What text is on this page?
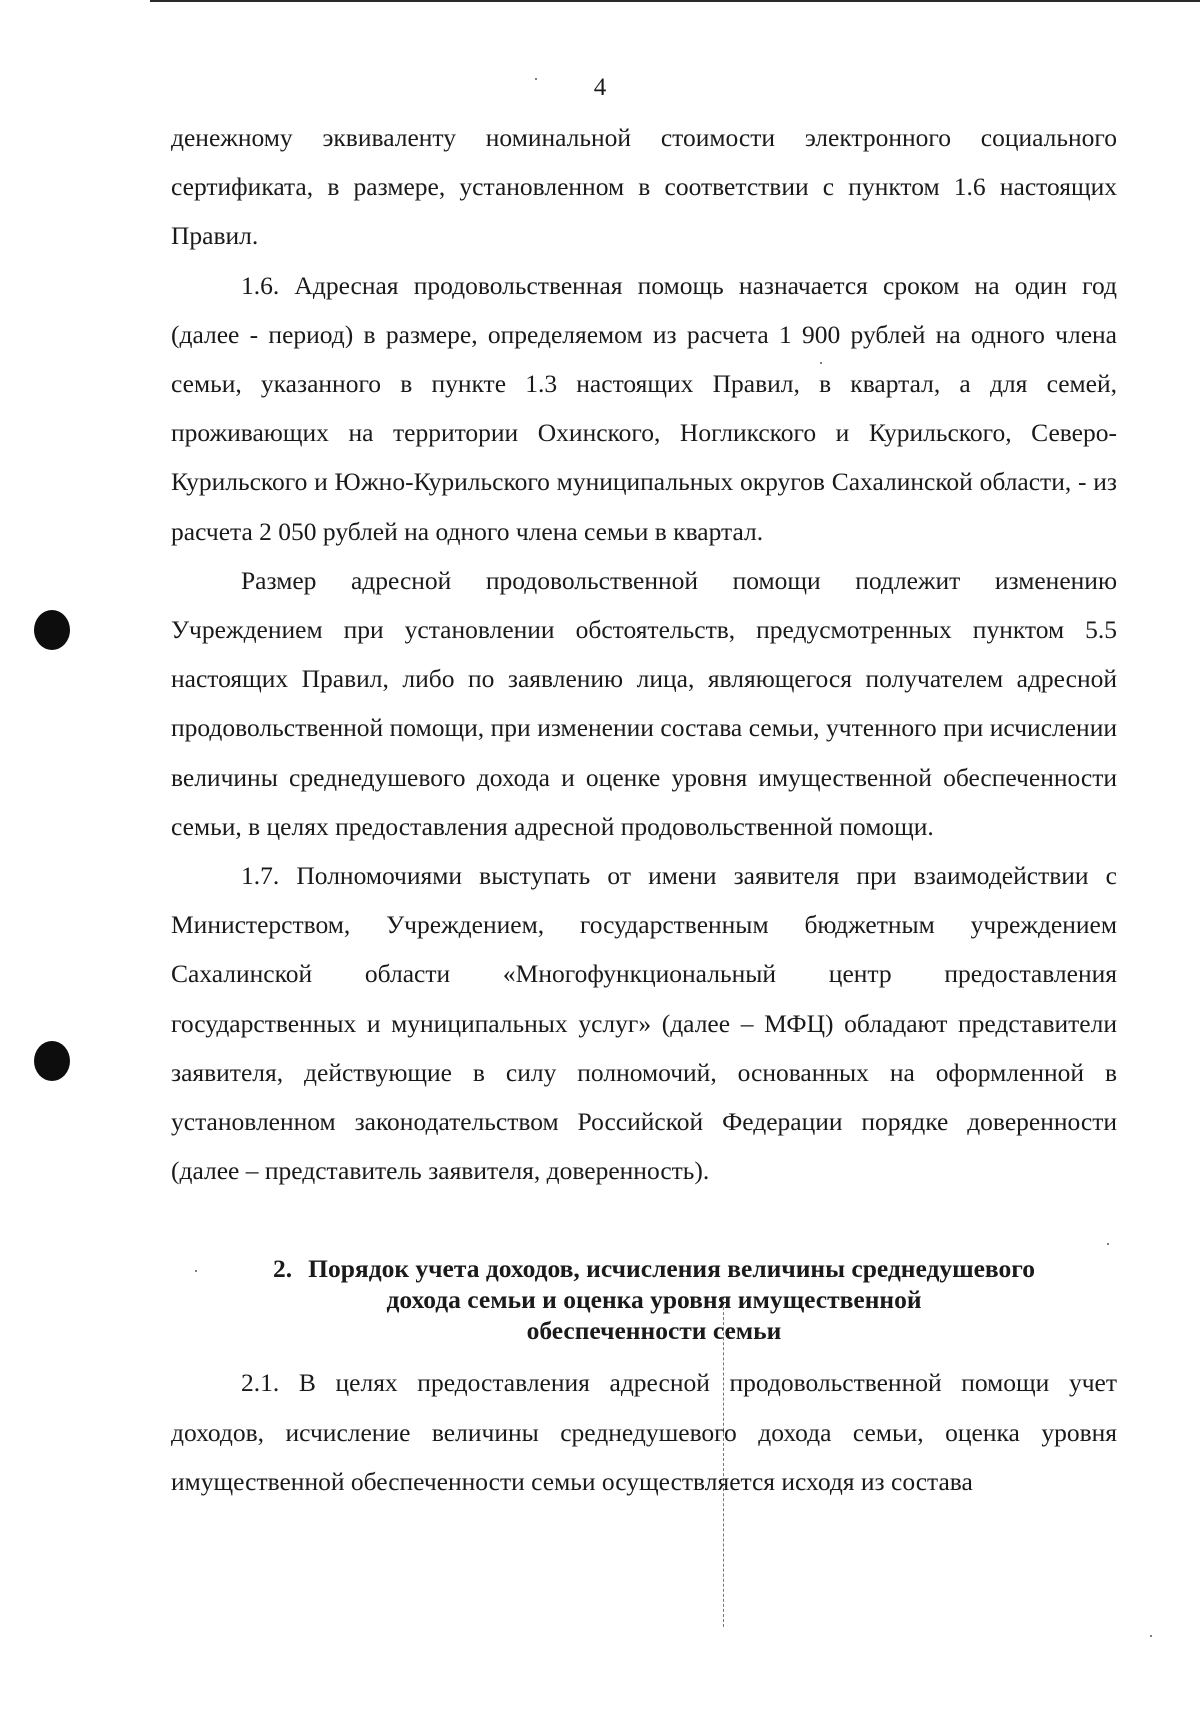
4

денежному эквиваленту номинальной стоимости электронного социального сертификата, в размере, установленном в соответствии с пунктом 1.6 настоящих Правил.

1.6. Адресная продовольственная помощь назначается сроком на один год (далее - период) в размере, определяемом из расчета 1 900 рублей на одного члена семьи, указанного в пункте 1.3 настоящих Правил, в квартал, а для семей, проживающих на территории Охинского, Ногликского и Курильского, Северо-Курильского и Южно-Курильского муниципальных округов Сахалинской области, - из расчета 2 050 рублей на одного члена семьи в квартал.

Размер адресной продовольственной помощи подлежит изменению Учреждением при установлении обстоятельств, предусмотренных пунктом 5.5 настоящих Правил, либо по заявлению лица, являющегося получателем адресной продовольственной помощи, при изменении состава семьи, учтенного при исчислении величины среднедушевого дохода и оценке уровня имущественной обеспеченности семьи, в целях предоставления адресной продовольственной помощи.

1.7. Полномочиями выступать от имени заявителя при взаимодействии с Министерством, Учреждением, государственным бюджетным учреждением Сахалинской области «Многофункциональный центр предоставления государственных и муниципальных услуг» (далее – МФЦ) обладают представители заявителя, действующие в силу полномочий, основанных на оформленной в установленном законодательством Российской Федерации порядке доверенности (далее – представитель заявителя, доверенность).

2. Порядок учета доходов, исчисления величины среднедушевого
дохода семьи и оценка уровня имущественной
обеспеченности семьи

2.1. В целях предоставления адресной продовольственной помощи учет доходов, исчисление величины среднедушевого дохода семьи, оценка уровня имущественной обеспеченности семьи осуществляется исходя из состава
